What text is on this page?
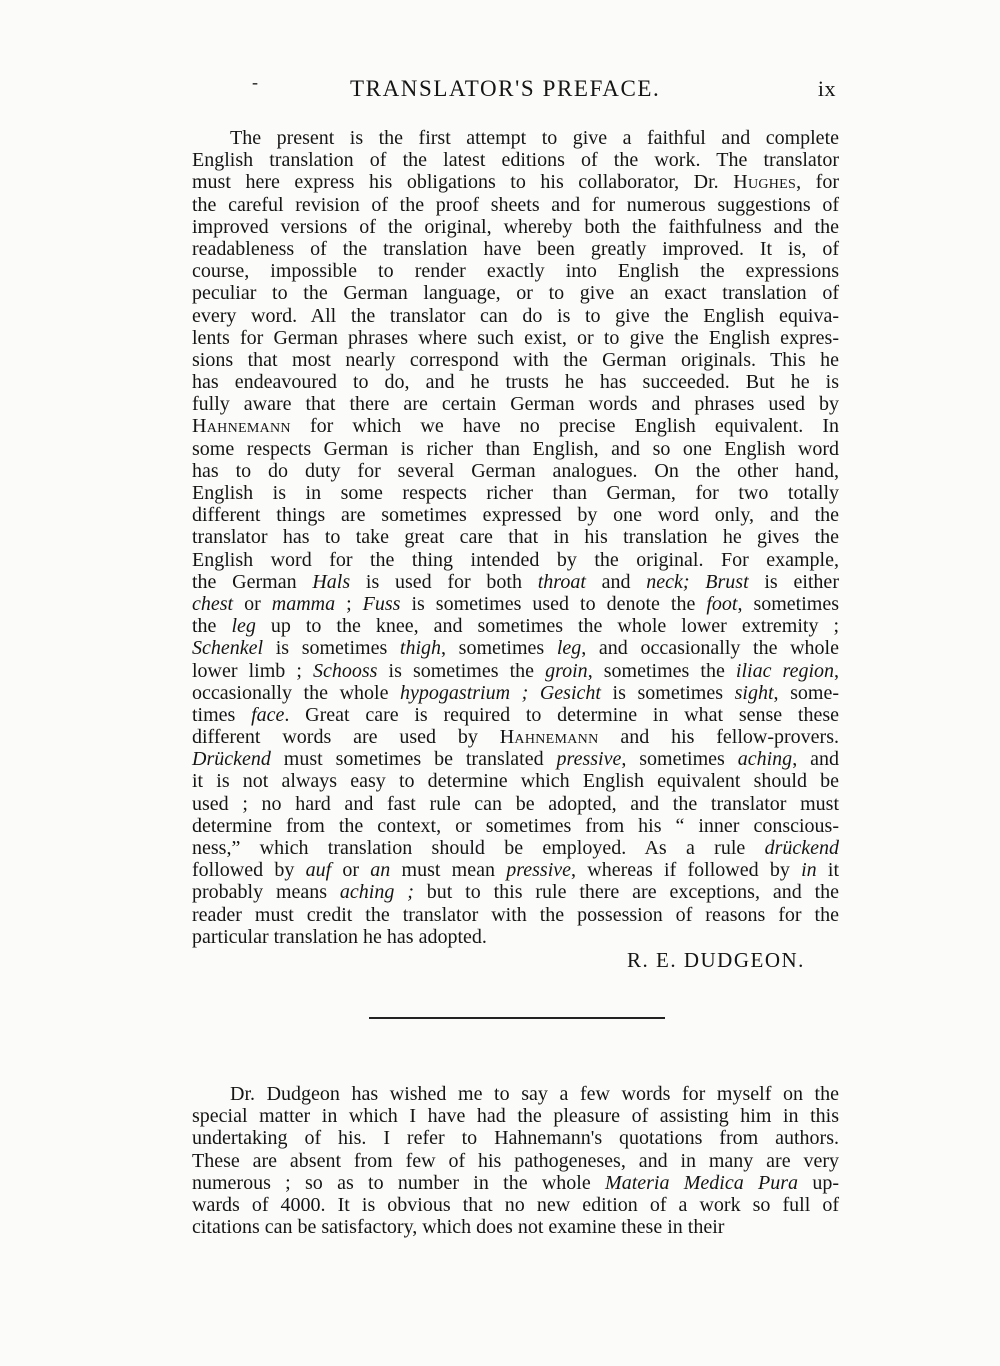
-	TRANSLATOR'S PREFACE.	ix
The present is the first attempt to give a faithful and complete
English translation of the latest editions of the work. The translator
must here express his obligations to his collaborator, Dr. Hughes, for
the careful revision of the proof sheets and for numerous suggestions of
improved versions of the original, whereby both the faithfulness and the
readableness of the translation have been greatly improved. It is, of
course, impossible to render exactly into English the expressions
peculiar to the German language, or to give an exact translation of
every word. All the translator can do is to give the English equiva-
lents for German phrases where such exist, or to give the English expres-
sions that most nearly correspond with the German originals. This he
has endeavoured to do, and he trusts he has succeeded. But he is
fully aware that there are certain German words and phrases used by
Hahnemann for which we have no precise English equivalent. In
some respects German is richer than English, and so one English word
has to do duty for several German analogues. On the other hand,
English is in some respects richer than German, for two totally
different things are sometimes expressed by one word only, and the
translator has to take great care that in his translation he gives the
English word for the thing intended by the original. For example,
the German Hals is used for both throat and neck; Brust is either
chest or mamma ; Fuss is sometimes used to denote the foot, sometimes
the leg up to the knee, and sometimes the whole lower extremity ;
Schenkel is sometimes thigh, sometimes leg, and occasionally the whole
lower limb ; Schooss is sometimes the groin, sometimes the iliac region,
occasionally the whole hypogastrium ; Gesicht is sometimes sight, some-
times face. Great care is required to determine in what sense these
different words are used by Hahnemann and his fellow-provers.
Drückend must sometimes be translated pressive, sometimes aching, and
it is not always easy to determine which English equivalent should be
used ; no hard and fast rule can be adopted, and the translator must
determine from the context, or sometimes from his “ inner conscious-
ness,” which translation should be employed. As a rule drückend
followed by auf or an must mean pressive, whereas if followed by in it
probably means aching ; but to this rule there are exceptions, and the
reader must credit the translator with the possession of reasons for the
particular translation he has adopted.
R. E. DUDGEON.
Dr. Dudgeon has wished me to say a few words for myself on the
special matter in which I have had the pleasure of assisting him in this
undertaking of his. I refer to Hahnemann's quotations from authors.
These are absent from few of his pathogeneses, and in many are very
numerous ; so as to number in the whole Materia Medica Pura up-
wards of 4000. It is obvious that no new edition of a work so full of
citations can be satisfactory, which does not examine these in their
